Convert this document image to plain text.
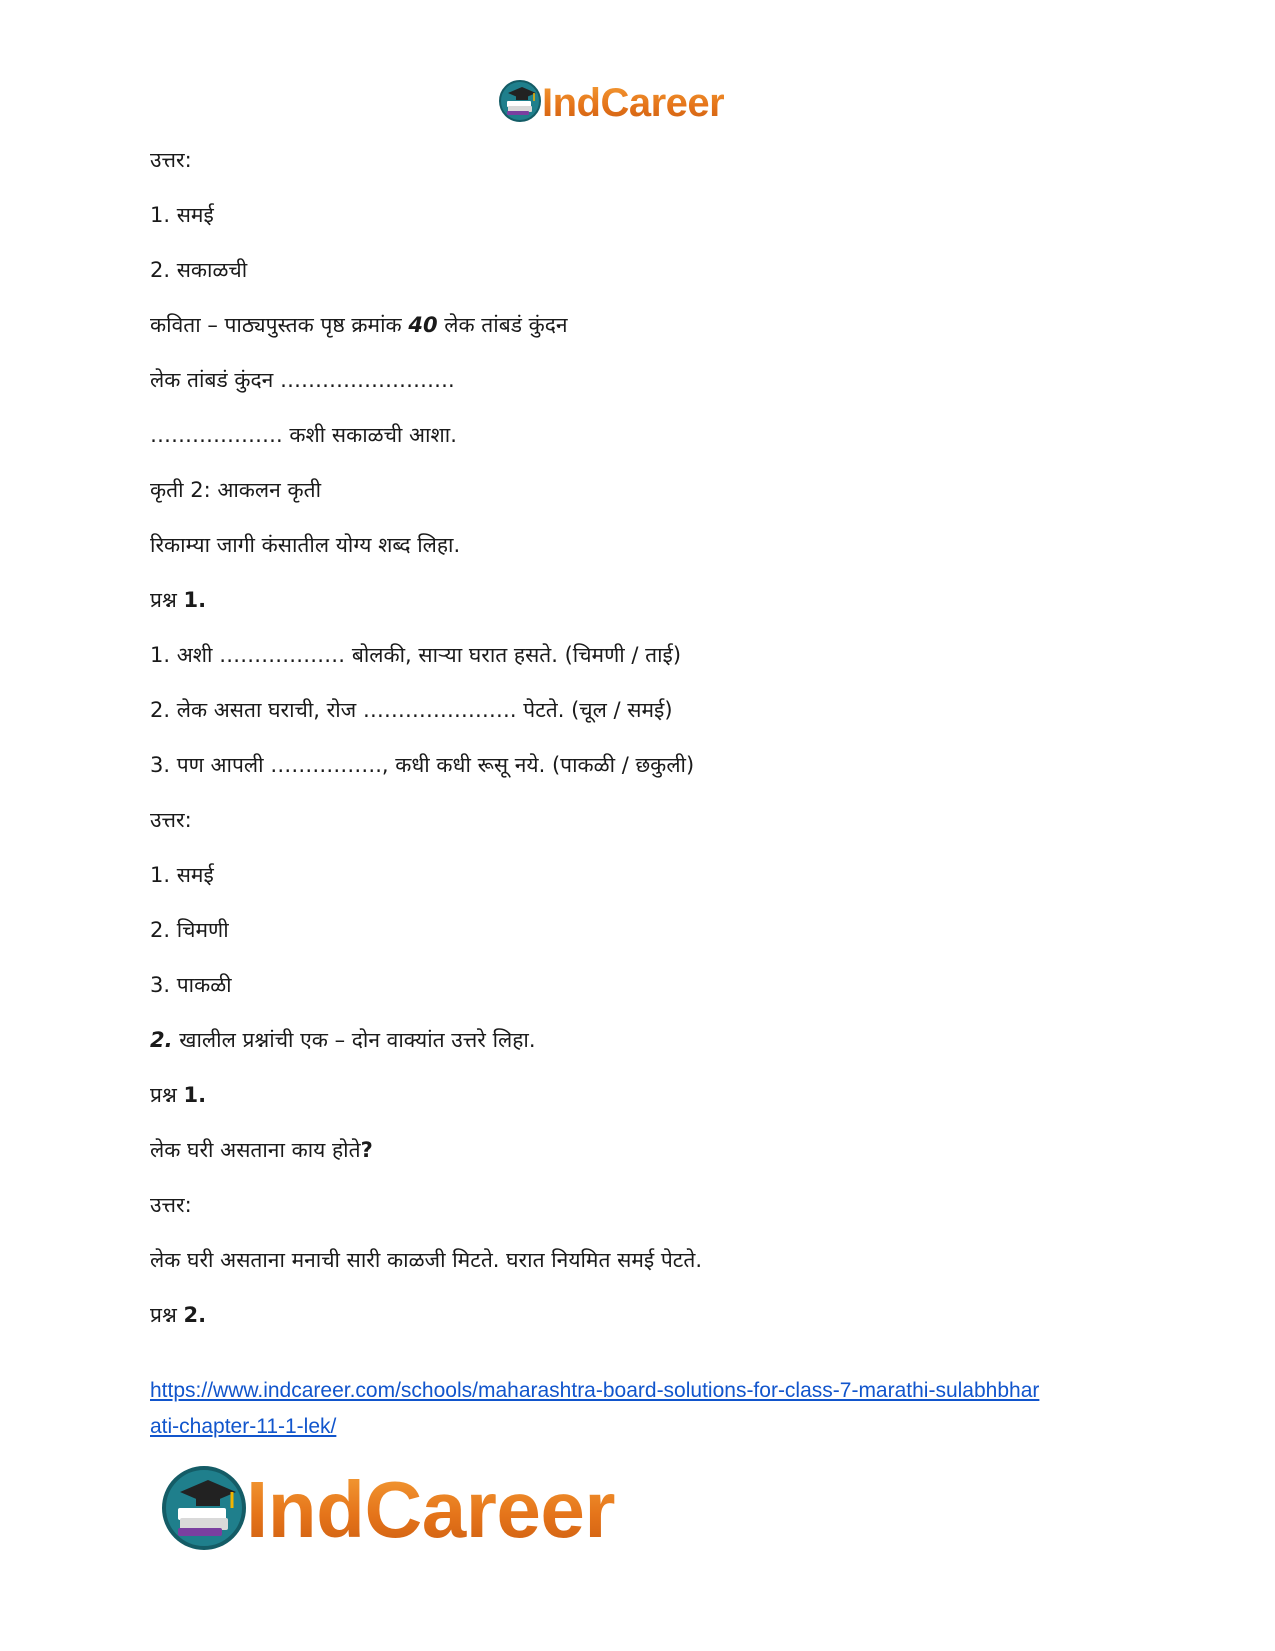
IndCareer
उत्तर:
1. समई
2. सकाळची
कविता – पाठ्यपुस्तक पृष्ठ क्रमांक 40 लेक तांबडं कुंदन
लेक तांबडं कुंदन …………………….
………………. कशी सकाळची आशा.
कृती 2: आकलन कृती
रिकाम्या जागी कंसातील योग्य शब्द लिहा.
प्रश्न 1.
1. अशी ……………… बोलकी, साऱ्या घरात हसते. (चिमणी / ताई)
2. लेक असता घराची, रोज …………………. पेटते. (चूल / समई)
3. पण आपली ……………., कधी कधी रूसू नये. (पाकळी / छकुली)
उत्तर:
1. समई
2. चिमणी
3. पाकळी
2. खालील प्रश्नांची एक – दोन वाक्यांत उत्तरे लिहा.
प्रश्न 1.
लेक घरी असताना काय होते?
उत्तर:
लेक घरी असताना मनाची सारी काळजी मिटते. घरात नियमित समई पेटते.
प्रश्न 2.
https://www.indcareer.com/schools/maharashtra-board-solutions-for-class-7-marathi-sulabhbhar
ati-chapter-11-1-lek/
IndCareer
